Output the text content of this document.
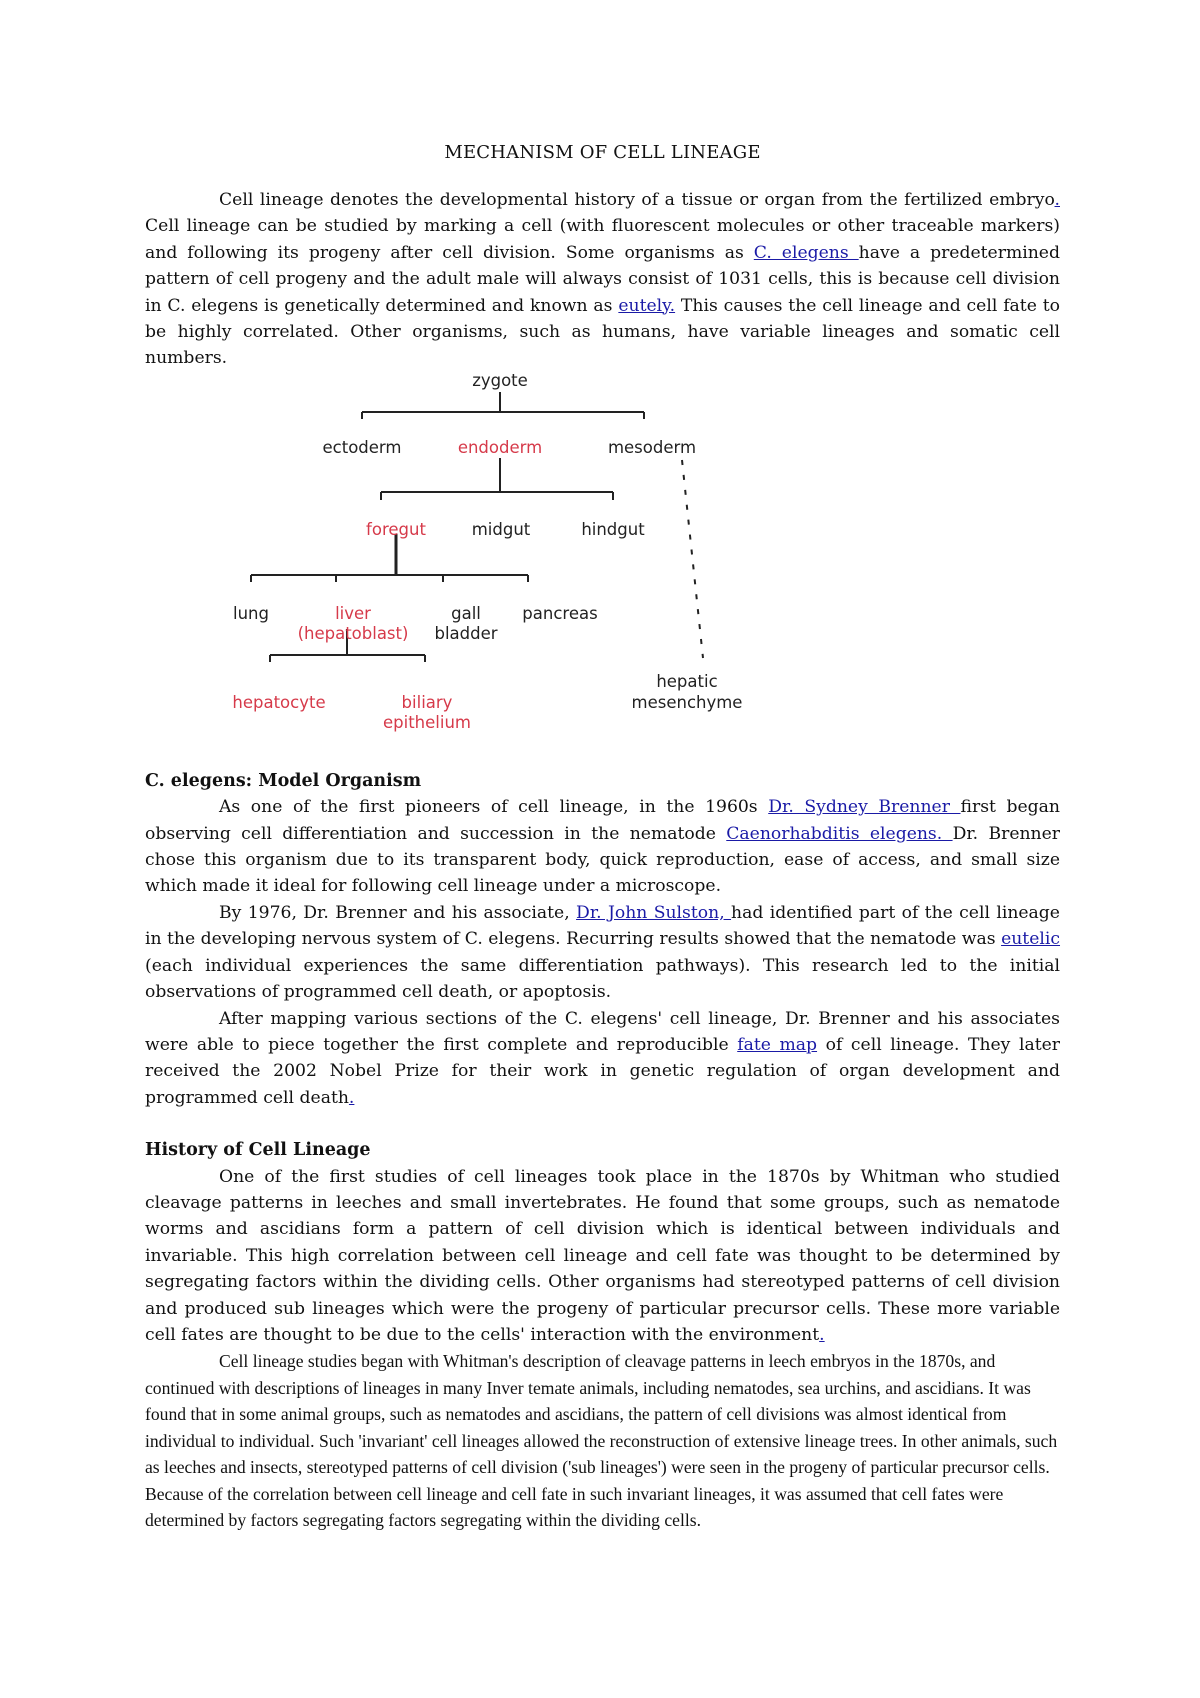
MECHANISM OF CELL LINEAGE

Cell lineage denotes the developmental history of a tissue or organ from the fertilized embryo. Cell lineage can be studied by marking a cell (with fluorescent molecules or other traceable markers) and following its progeny after cell division. Some organisms as C. elegens have a predetermined pattern of cell progeny and the adult male will always consist of 1031 cells, this is because cell division in C. elegens is genetically determined and known as eutely. This causes the cell lineage and cell fate to be highly correlated. Other organisms, such as humans, have variable lineages and somatic cell numbers.

zygote
ectoderm	endoderm	mesoderm
foregut	midgut	hindgut
lung	liver
(hepatoblast)
gall
bladder
pancreas
hepatocyte	biliary
epithelium
hepatic
mesenchyme
C. elegens: Model Organism

As one of the first pioneers of cell lineage, in the 1960s Dr. Sydney Brenner first began observing cell differentiation and succession in the nematode Caenorhabditis elegens. Dr. Brenner chose this organism due to its transparent body, quick reproduction, ease of access, and small size which made it ideal for following cell lineage under a microscope.

By 1976, Dr. Brenner and his associate, Dr. John Sulston, had identified part of the cell lineage in the developing nervous system of C. elegens. Recurring results showed that the nematode was eutelic (each individual experiences the same differentiation pathways). This research led to the initial observations of programmed cell death, or apoptosis.

After mapping various sections of the C. elegens' cell lineage, Dr. Brenner and his associates were able to piece together the first complete and reproducible fate map of cell lineage. They later received the 2002 Nobel Prize for their work in genetic regulation of organ development and programmed cell death.

History of Cell Lineage

One of the first studies of cell lineages took place in the 1870s by Whitman who studied cleavage patterns in leeches and small invertebrates. He found that some groups, such as nematode worms and ascidians form a pattern of cell division which is identical between individuals and invariable. This high correlation between cell lineage and cell fate was thought to be determined by segregating factors within the dividing cells. Other organisms had stereotyped patterns of cell division and produced sub lineages which were the progeny of particular precursor cells. These more variable cell fates are thought to be due to the cells' interaction with the environment.

Cell lineage studies began with Whitman's description of cleavage patterns in leech embryos in the 1870s, and continued with descriptions of lineages in many Inver temate animals, including nematodes, sea urchins, and ascidians. It was found that in some animal groups, such as nematodes and ascidians, the pattern of cell divisions was almost identical from individual to individual. Such 'invariant' cell lineages allowed the reconstruction of extensive lineage trees. In other animals, such as leeches and insects, stereotyped patterns of cell division ('sub lineages') were seen in the progeny of particular precursor cells. Because of the correlation between cell lineage and cell fate in such invariant lineages, it was assumed that cell fates were determined by factors segregating factors segregating within the dividing cells.
